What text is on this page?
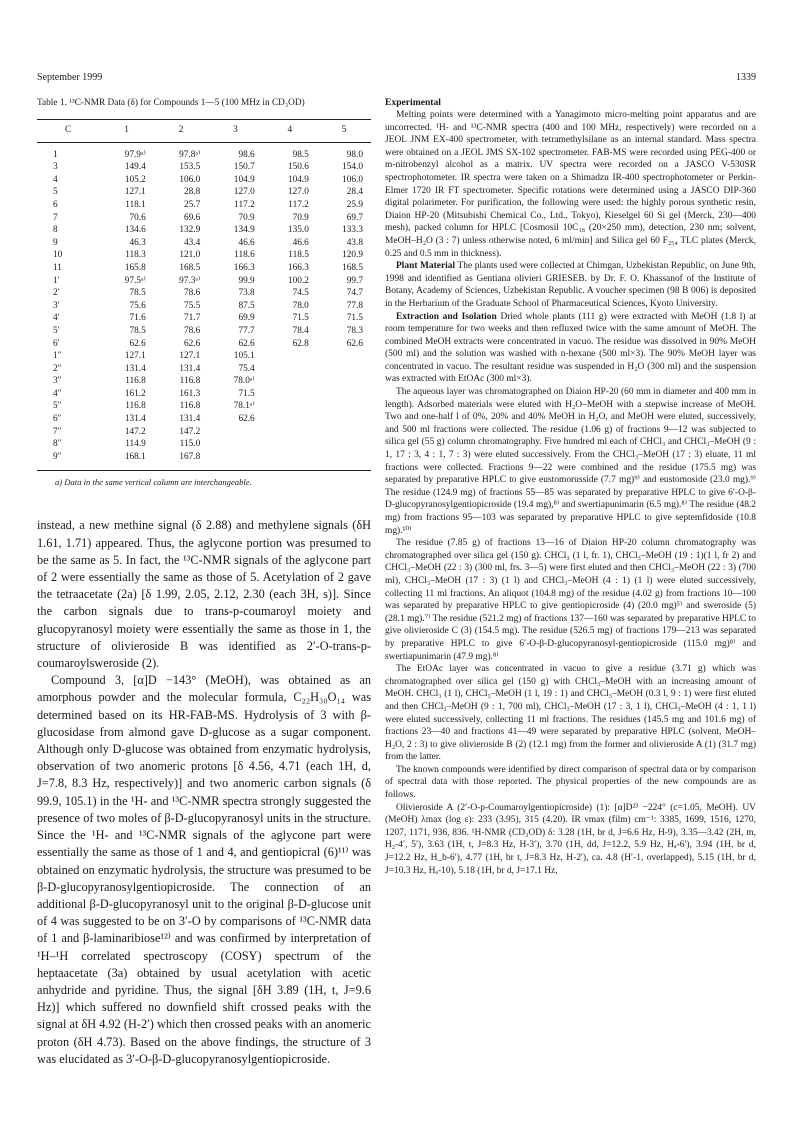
September 1999	1339
Table 1. ¹³C-NMR Data (δ) for Compounds 1—5 (100 MHz in CD₃OD)
C	1	2	3	4	5
1	97.9ᵃ⁾	97.8ᵃ⁾	98.6	98.5	98.0
3	149.4	153.5	150.7	150.6	154.0
4	105.2	106.0	104.9	104.9	106.0
5	127.1	28.8	127.0	127.0	28.4
6	118.1	25.7	117.2	117.2	25.9
7	70.6	69.6	70.9	70.9	69.7
8	134.6	132.9	134.9	135.0	133.3
9	46.3	43.4	46.6	46.6	43.8
10	118.3	121.0	118.6	118.5	120.9
11	165.8	168.5	166.3	166.3	168.5
1′	97.5ᵃ⁾	97.3ᵃ⁾	99.9	100.2	99.7
2′	78.5	78.6	73.8	74.5	74.7
3′	75.6	75.5	87.5	78.0	77.8
4′	71.6	71.7	69.9	71.5	71.5
5′	78.5	78.6	77.7	78.4	78.3
6′	62.6	62.6	62.6	62.8	62.6
1″	127.1	127.1	105.1		
2″	131.4	131.4	75.4		
3″	116.8	116.8	78.0ᵃ⁾		
4″	161.2	161.3	71.5		
5″	116.8	116.8	78.1ᵃ⁾		
6″	131.4	131.4	62.6		
7″	147.2	147.2			
8″	114.9	115.0			
9″	168.1	167.8			
a) Data in the same vertical column are interchangeable.

instead, a new methine signal (δ 2.88) and methylene signals (δH 1.61, 1.71) appeared. Thus, the aglycone portion was presumed to be the same as 5. In fact, the ¹³C-NMR signals of the aglycone part of 2 were essentially the same as those of 5. Acetylation of 2 gave the tetraacetate (2a) [δ 1.99, 2.05, 2.12, 2.30 (each 3H, s)]. Since the carbon signals due to trans-p-coumaroyl moiety and glucopyranosyl moiety were essentially the same as those in 1, the structure of olivieroside B was identified as 2′-O-trans-p-coumaroylsweroside (2).

Compound 3, [α]D −143° (MeOH), was obtained as an amorphous powder and the molecular formula, C₂₂H₃₀O₁₄ was determined based on its HR-FAB-MS. Hydrolysis of 3 with β-glucosidase from almond gave D-glucose as a sugar component. Although only D-glucose was obtained from enzymatic hydrolysis, observation of two anomeric protons [δ 4.56, 4.71 (each 1H, d, J=7.8, 8.3 Hz, respectively)] and two anomeric carbon signals (δ 99.9, 105.1) in the ¹H- and ¹³C-NMR spectra strongly suggested the presence of two moles of β-D-glucopyranosyl units in the structure. Since the ¹H- and ¹³C-NMR signals of the aglycone part were essentially the same as those of 1 and 4, and gentiopicral (6)¹¹⁾ was obtained on enzymatic hydrolysis, the structure was presumed to be β-D-glucopyranosylgentiopicroside. The connection of an additional β-D-glucopyranosyl unit to the original β-D-glucose unit of 4 was suggested to be on 3′-O by comparisons of ¹³C-NMR data of 1 and β-laminaribiose¹²⁾ and was confirmed by interpretation of ¹H–¹H correlated spectroscopy (COSY) spectrum of the heptaacetate (3a) obtained by usual acetylation with acetic anhydride and pyridine. Thus, the signal [δH 3.89 (1H, t, J=9.6 Hz)] which suffered no downfield shift crossed peaks with the signal at δH 4.92 (H-2′) which then crossed peaks with an anomeric proton (δH 4.73). Based on the above findings, the structure of 3 was elucidated as 3′-O-β-D-glucopyranosylgentiopicroside.

Experimental

Melting points were determined with a Yanagimoto micro-melting point apparatus and are uncorrected. ¹H- and ¹³C-NMR spectra (400 and 100 MHz, respectively) were recorded on a JEOL JNM EX-400 spectrometer, with tetramethylsilane as an internal standard. Mass spectra were obtained on a JEOL JMS SX-102 spectrometer. FAB-MS were recorded using PEG-400 or m-nitrobenzyl alcohol as a matrix. UV spectra were recorded on a JASCO V-530SR spectrophotometer. IR spectra were taken on a Shimadzu IR-400 spectrophotometer or Perkin-Elmer 1720 IR FT spectrometer. Specific rotations were determined using a JASCO DIP-360 digital polarimeter. For purification, the following were used: the highly porous synthetic resin, Diaion HP-20 (Mitsubishi Chemical Co., Ltd., Tokyo), Kieselgel 60 Si gel (Merck, 230—400 mesh), packed column for HPLC [Cosmosil 10C₁₈ (20×250 mm), detection, 230 nm; solvent, MeOH–H₂O (3 : 7) unless otherwise noted, 6 ml/min] and Silica gel 60 F₂₅₄ TLC plates (Merck, 0.25 and 0.5 mm in thickness).

Plant Material The plants used were collected at Chimgan, Uzbekistan Republic, on June 9th, 1998 and identified as Gentiana olivieri GRIESEB. by Dr. F. O. Khassanof of the Institute of Botany, Academy of Sciences, Uzbekistan Republic. A voucher specimen (98 B 006) is deposited in the Herbarium of the Graduate School of Pharmaceutical Sciences, Kyoto University.

Extraction and Isolation Dried whole plants (111 g) were extracted with MeOH (1.8 l) at room temperature for two weeks and then refluxed twice with the same amount of MeOH. The combined MeOH extracts were concentrated in vacuo. The residue was dissolved in 90% MeOH (500 ml) and the solution was washed with n-hexane (500 ml×3). The 90% MeOH layer was concentrated in vacuo. The resultant residue was suspended in H₂O (300 ml) and the suspension was extracted with EtOAc (300 ml×3).

The aqueous layer was chromatographed on Diaion HP-20 (60 mm in diameter and 400 mm in length). Adsorbed materials were eluted with H₂O–MeOH with a stepwise increase of MeOH. Two and one-half l of 0%, 20% and 40% MeOH in H₂O, and MeOH were eluted, successively, and 500 ml fractions were collected. The residue (1.06 g) of fractions 9—12 was subjected to silica gel (55 g) column chromatography. Five hundred ml each of CHCl₃ and CHCl₃–MeOH (9 : 1, 17 : 3, 4 : 1, 7 : 3) were eluted successively. From the CHCl₃–MeOH (17 : 3) eluate, 11 ml fractions were collected. Fractions 9—22 were combined and the residue (175.5 mg) was separated by preparative HPLC to give eustomorusside (7.7 mg)⁹⁾ and eustomoside (23.0 mg).⁹⁾ The residue (124.9 mg) of fractions 55—85 was separated by preparative HPLC to give 6′-O-β-D-glucopyranosylgentiopicroside (19.4 mg),⁸⁾ and swertiapunimarin (6.5 mg).⁸⁾ The residue (48.2 mg) from fractions 95—103 was separated by preparative HPLC to give septemfidoside (10.8 mg).¹⁰⁾

The residue (7.85 g) of fractions 13—16 of Diaion HP-20 column chromatography was chromatographed over silica gel (150 g). CHCl₃ (1 l, fr. 1), CHCl₃–MeOH (19 : 1)(1 l, fr 2) and CHCl₃–MeOH (22 : 3) (300 ml, frs. 3—5) were first eluted and then CHCl₃–MeOH (22 : 3) (700 ml), CHCl₃–MeOH (17 : 3) (1 l) and CHCl₃–MeOH (4 : 1) (1 l) were eluted successively, collecting 11 ml fractions. An aliquot (104.8 mg) of the residue (4.02 g) from fractions 10—100 was separated by preparative HPLC to give gentiopicroside (4) (20.0 mg)⁵⁾ and sweroside (5) (28.1 mg).⁷⁾ The residue (521.2 mg) of fractions 137—160 was separated by preparative HPLC to give olivieroside C (3) (154.5 mg). The residue (526.5 mg) of fractions 179—213 was separated by preparative HPLC to give 6′-O-β-D-glucopyranosyl-gentiopicroside (115.0 mg)⁸⁾ and swertiapunimarin (47.9 mg).⁸⁾

The EtOAc layer was concentrated in vacuo to give a residue (3.71 g) which was chromatographed over silica gel (150 g) with CHCl₃–MeOH with an increasing amount of MeOH. CHCl₃ (1 l), CHCl₃–MeOH (1 l, 19 : 1) and CHCl₃–MeOH (0.3 l, 9 : 1) were first eluted and then CHCl₃–MeOH (9 : 1, 700 ml), CHCl₃–MeOH (17 : 3, 1 l), CHCl₃–MeOH (4 : 1, 1 l) were eluted successively, collecting 11 ml fractions. The residues (145.5 mg and 101.6 mg) of fractions 23—40 and fractions 41—49 were separated by preparative HPLC (solvent, MeOH–H₂O, 2 : 3) to give olivieroside B (2) (12.1 mg) from the former and olivieroside A (1) (31.7 mg) from the latter.

The known compounds were identified by direct comparison of spectral data or by comparison of spectral data with those reported. The physical properties of the new compounds are as follows.

Olivieroside A (2′-O-p-Coumaroylgentiopicroside) (1): [α]D²³ −224° (c=1.05, MeOH). UV (MeOH) λmax (log ε): 233 (3.95), 315 (4.20). IR νmax (film) cm⁻¹: 3385, 1699, 1516, 1270, 1207, 1171, 936, 836. ¹H-NMR (CD₃OD) δ: 3.28 (1H, br d, J=6.6 Hz, H-9), 3.35—3.42 (2H, m, H₂-4′, 5′), 3.63 (1H, t, J=8.3 Hz, H-3′), 3.70 (1H, dd, J=12.2, 5.9 Hz, Hₐ-6′), 3.94 (1H, br d, J=12.2 Hz, H_b-6′), 4.77 (1H, br t, J=8.3 Hz, H-2′), ca. 4.8 (H′-1, overlapped), 5.15 (1H, br d, J=10.3 Hz, Hₐ-10), 5.18 (1H, br d, J=17.1 Hz,
